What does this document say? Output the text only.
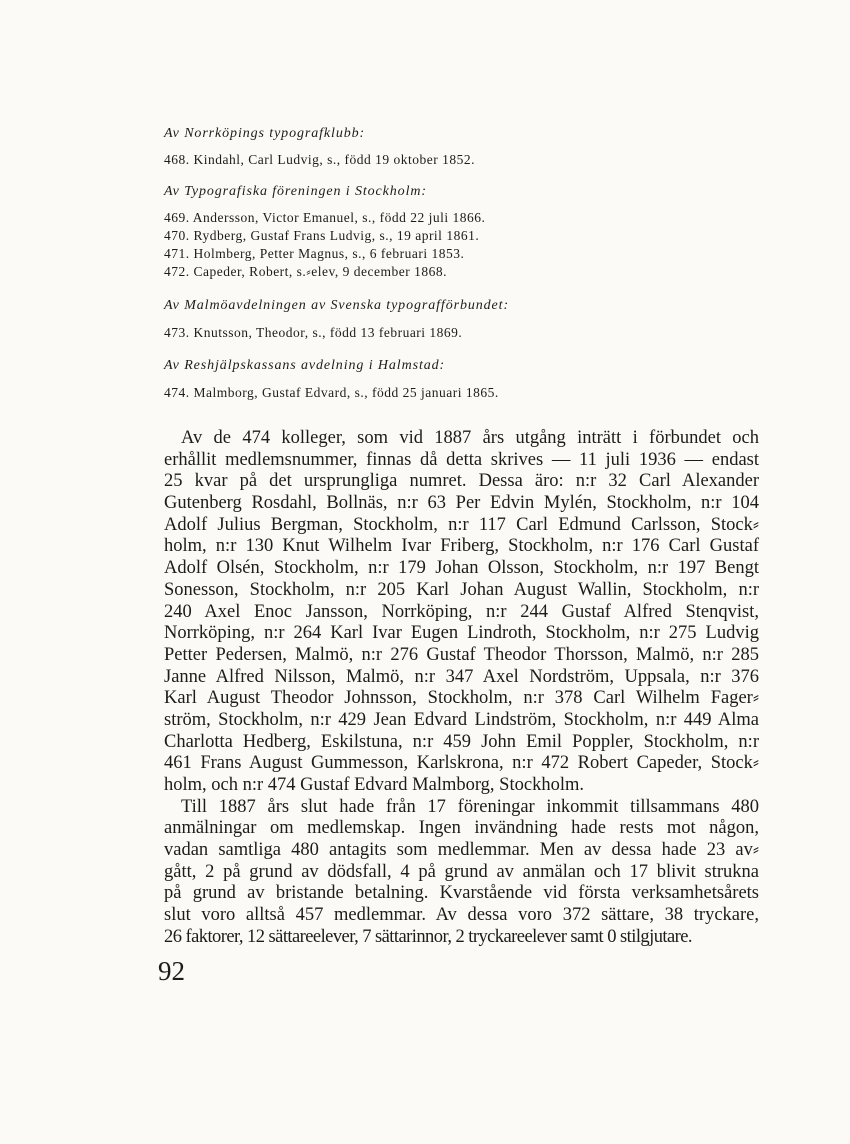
Av Norrköpings typografklubb:
468. Kindahl, Carl Ludvig, s., född 19 oktober 1852.
Av Typografiska föreningen i Stockholm:
469. Andersson, Victor Emanuel, s., född 22 juli 1866.
470. Rydberg, Gustaf Frans Ludvig, s., 19 april 1861.
471. Holmberg, Petter Magnus, s., 6 februari 1853.
472. Capeder, Robert, s.⸗elev, 9 december 1868.
Av Malmöavdelningen av Svenska typografförbundet:
473. Knutsson, Theodor, s., född 13 februari 1869.
Av Reshjälpskassans avdelning i Halmstad:
474. Malmborg, Gustaf Edvard, s., född 25 januari 1865.
Av de 474 kolleger, som vid 1887 års utgång inträtt i förbundet och
erhållit medlemsnummer, finnas då detta skrives — 11 juli 1936 — endast
25 kvar på det ursprungliga numret. Dessa äro: n:r 32 Carl Alexander
Gutenberg Rosdahl, Bollnäs, n:r 63 Per Edvin Mylén, Stockholm, n:r 104
Adolf Julius Bergman, Stockholm, n:r 117 Carl Edmund Carlsson, Stock⸗
holm, n:r 130 Knut Wilhelm Ivar Friberg, Stockholm, n:r 176 Carl Gustaf
Adolf Olsén, Stockholm, n:r 179 Johan Olsson, Stockholm, n:r 197 Bengt
Sonesson, Stockholm, n:r 205 Karl Johan August Wallin, Stockholm, n:r
240 Axel Enoc Jansson, Norrköping, n:r 244 Gustaf Alfred Stenqvist,
Norrköping, n:r 264 Karl Ivar Eugen Lindroth, Stockholm, n:r 275 Ludvig
Petter Pedersen, Malmö, n:r 276 Gustaf Theodor Thorsson, Malmö, n:r 285
Janne Alfred Nilsson, Malmö, n:r 347 Axel Nordström, Uppsala, n:r 376
Karl August Theodor Johnsson, Stockholm, n:r 378 Carl Wilhelm Fager⸗
ström, Stockholm, n:r 429 Jean Edvard Lindström, Stockholm, n:r 449 Alma
Charlotta Hedberg, Eskilstuna, n:r 459 John Emil Poppler, Stockholm, n:r
461 Frans August Gummesson, Karlskrona, n:r 472 Robert Capeder, Stock⸗
holm, och n:r 474 Gustaf Edvard Malmborg, Stockholm.
Till 1887 års slut hade från 17 föreningar inkommit tillsammans 480
anmälningar om medlemskap. Ingen invändning hade rests mot någon,
vadan samtliga 480 antagits som medlemmar. Men av dessa hade 23 av⸗
gått, 2 på grund av dödsfall, 4 på grund av anmälan och 17 blivit strukna
på grund av bristande betalning. Kvarstående vid första verksamhetsårets
slut voro alltså 457 medlemmar. Av dessa voro 372 sättare, 38 tryckare,
26 faktorer, 12 sättareelever, 7 sättarinnor, 2 tryckareelever samt 0 stilgjutare.
92
